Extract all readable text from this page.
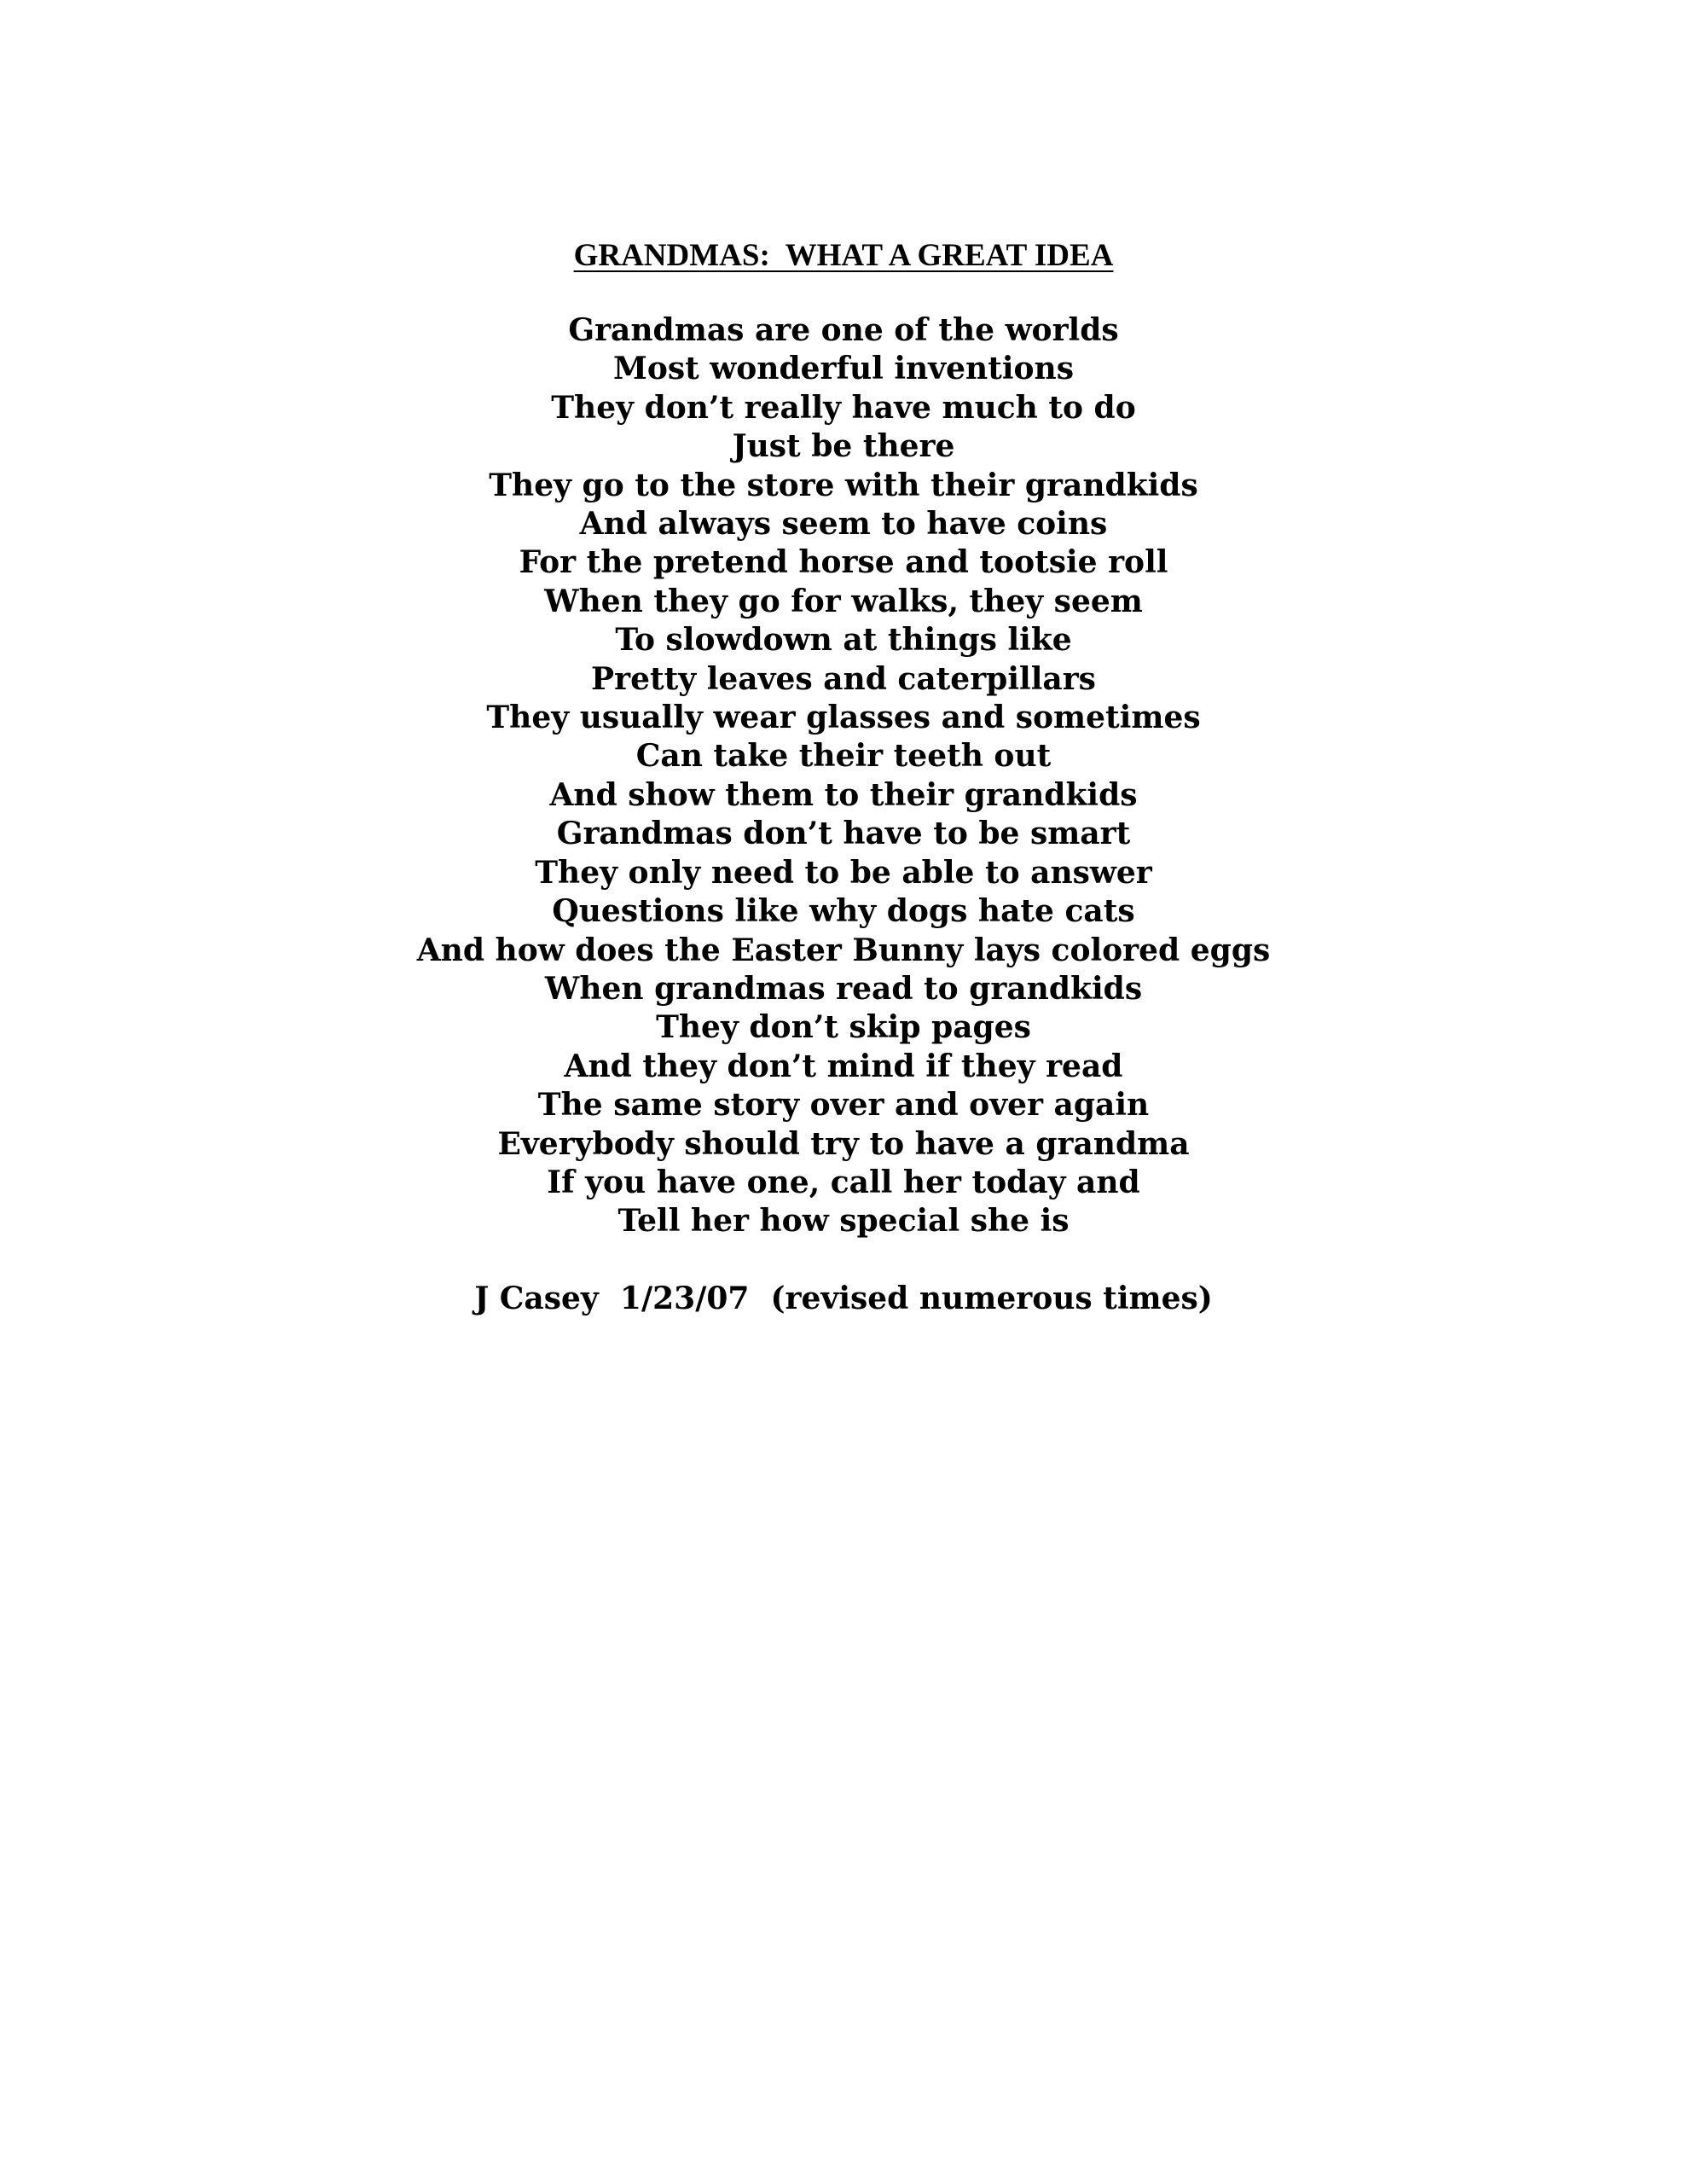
GRANDMAS:  WHAT A GREAT IDEA
Grandmas are one of the worlds
Most wonderful inventions
They don’t really have much to do
Just be there
They go to the store with their grandkids
And always seem to have coins
For the pretend horse and tootsie roll
When they go for walks, they seem
To slowdown at things like
Pretty leaves and caterpillars
They usually wear glasses and sometimes
Can take their teeth out
And show them to their grandkids
Grandmas don’t have to be smart
They only need to be able to answer
Questions like why dogs hate cats
And how does the Easter Bunny lays colored eggs
When grandmas read to grandkids
They don’t skip pages
And they don’t mind if they read
The same story over and over again
Everybody should try to have a grandma
If you have one, call her today and
Tell her how special she is
J Casey  1/23/07  (revised numerous times)
